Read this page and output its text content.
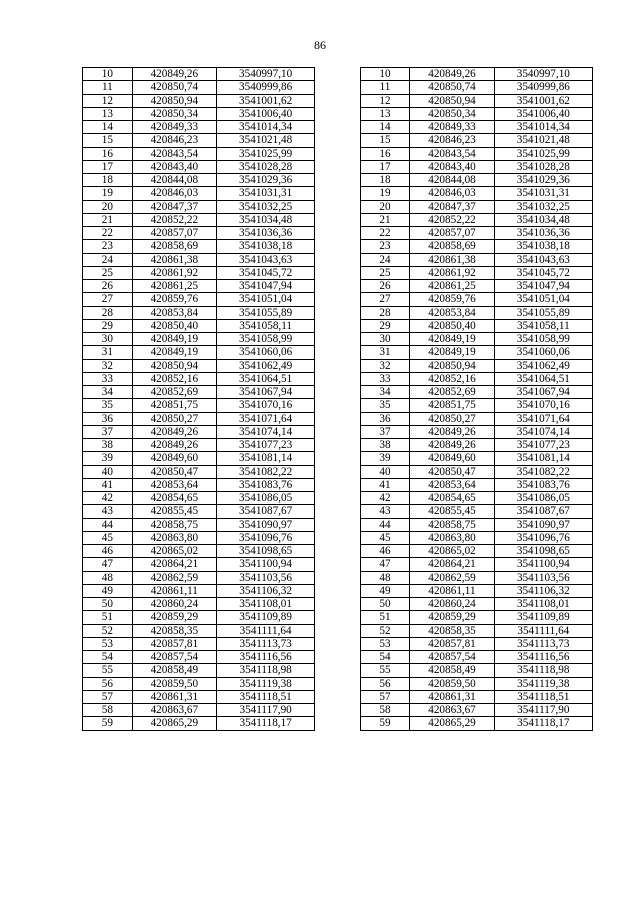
86
10	420849,26	3540997,10		10	420849,26	3540997,10
11	420850,74	3540999,86		11	420850,74	3540999,86
12	420850,94	3541001,62		12	420850,94	3541001,62
13	420850,34	3541006,40		13	420850,34	3541006,40
14	420849,33	3541014,34		14	420849,33	3541014,34
15	420846,23	3541021,48		15	420846,23	3541021,48
16	420843,54	3541025,99		16	420843,54	3541025,99
17	420843,40	3541028,28		17	420843,40	3541028,28
18	420844,08	3541029,36		18	420844,08	3541029,36
19	420846,03	3541031,31		19	420846,03	3541031,31
20	420847,37	3541032,25		20	420847,37	3541032,25
21	420852,22	3541034,48		21	420852,22	3541034,48
22	420857,07	3541036,36		22	420857,07	3541036,36
23	420858,69	3541038,18		23	420858,69	3541038,18
24	420861,38	3541043,63		24	420861,38	3541043,63
25	420861,92	3541045,72		25	420861,92	3541045,72
26	420861,25	3541047,94		26	420861,25	3541047,94
27	420859,76	3541051,04		27	420859,76	3541051,04
28	420853,84	3541055,89		28	420853,84	3541055,89
29	420850,40	3541058,11		29	420850,40	3541058,11
30	420849,19	3541058,99		30	420849,19	3541058,99
31	420849,19	3541060,06		31	420849,19	3541060,06
32	420850,94	3541062,49		32	420850,94	3541062,49
33	420852,16	3541064,51		33	420852,16	3541064,51
34	420852,69	3541067,94		34	420852,69	3541067,94
35	420851,75	3541070,16		35	420851,75	3541070,16
36	420850,27	3541071,64		36	420850,27	3541071,64
37	420849,26	3541074,14		37	420849,26	3541074,14
38	420849,26	3541077,23		38	420849,26	3541077,23
39	420849,60	3541081,14		39	420849,60	3541081,14
40	420850,47	3541082,22		40	420850,47	3541082,22
41	420853,64	3541083,76		41	420853,64	3541083,76
42	420854,65	3541086,05		42	420854,65	3541086,05
43	420855,45	3541087,67		43	420855,45	3541087,67
44	420858,75	3541090,97		44	420858,75	3541090,97
45	420863,80	3541096,76		45	420863,80	3541096,76
46	420865,02	3541098,65		46	420865,02	3541098,65
47	420864,21	3541100,94		47	420864,21	3541100,94
48	420862,59	3541103,56		48	420862,59	3541103,56
49	420861,11	3541106,32		49	420861,11	3541106,32
50	420860,24	3541108,01		50	420860,24	3541108,01
51	420859,29	3541109,89		51	420859,29	3541109,89
52	420858,35	3541111,64		52	420858,35	3541111,64
53	420857,81	3541113,73		53	420857,81	3541113,73
54	420857,54	3541116,56		54	420857,54	3541116,56
55	420858,49	3541118,98		55	420858,49	3541118,98
56	420859,50	3541119,38		56	420859,50	3541119,38
57	420861,31	3541118,51		57	420861,31	3541118,51
58	420863,67	3541117,90		58	420863,67	3541117,90
59	420865,29	3541118,17		59	420865,29	3541118,17
